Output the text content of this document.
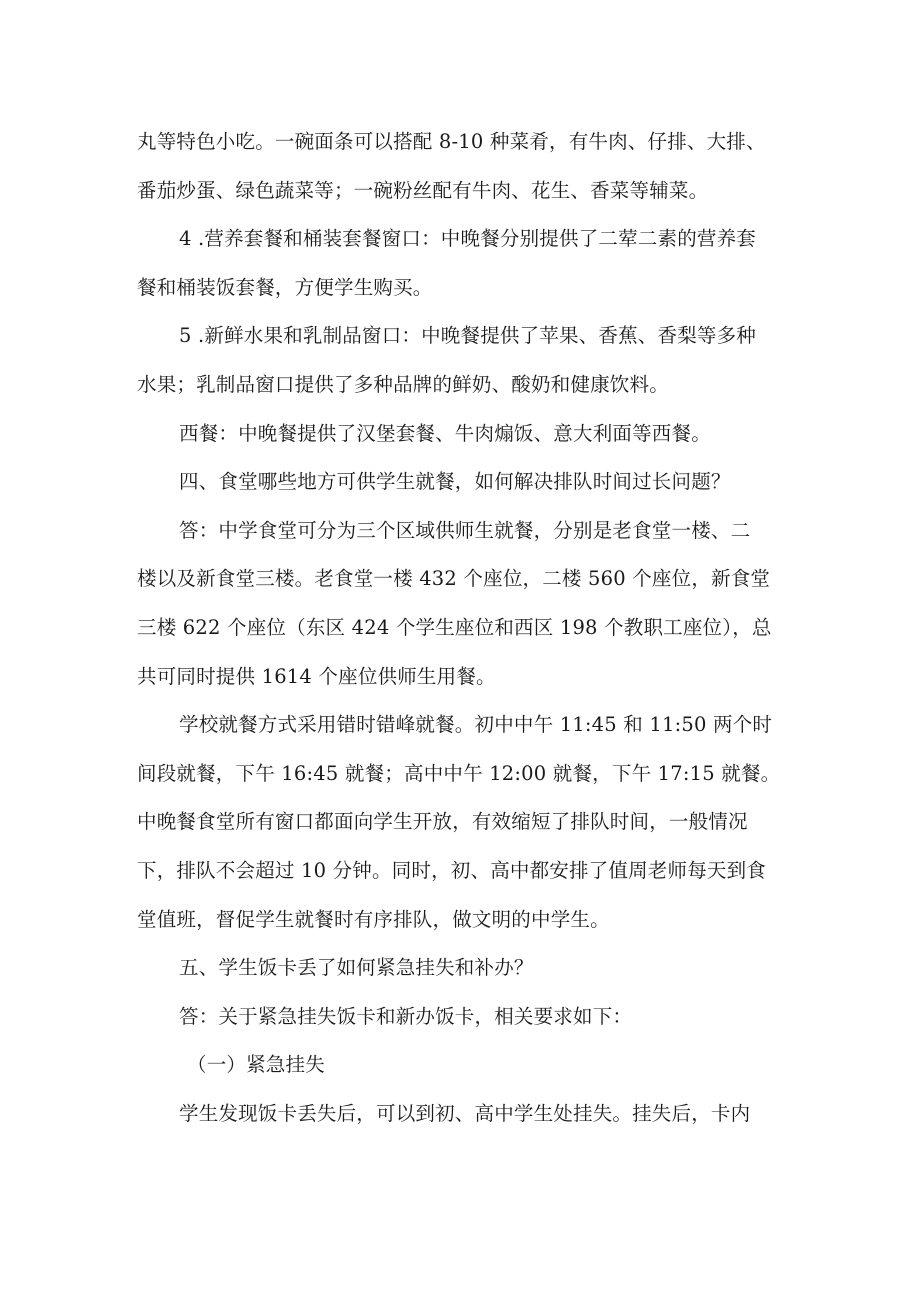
丸等特色小吃。一碗面条可以搭配 8-10 种菜肴，有牛肉、仔排、大排、
番茄炒蛋、绿色蔬菜等；一碗粉丝配有牛肉、花生、香菜等辅菜。
4 .营养套餐和桶装套餐窗口：中晚餐分别提供了二荤二素的营养套
餐和桶装饭套餐，方便学生购买。
5 .新鲜水果和乳制品窗口：中晚餐提供了苹果、香蕉、香梨等多种
水果；乳制品窗口提供了多种品牌的鲜奶、酸奶和健康饮料。
西餐：中晚餐提供了汉堡套餐、牛肉煽饭、意大利面等西餐。
四、食堂哪些地方可供学生就餐，如何解决排队时间过长问题？
答：中学食堂可分为三个区域供师生就餐，分别是老食堂一楼、二
楼以及新食堂三楼。老食堂一楼 432 个座位，二楼 560 个座位，新食堂
三楼 622 个座位（东区 424 个学生座位和西区 198 个教职工座位），总
共可同时提供 1614 个座位供师生用餐。
学校就餐方式采用错时错峰就餐。初中中午 11:45 和 11:50 两个时
间段就餐，下午 16:45 就餐；高中中午 12:00 就餐，下午 17:15 就餐。
中晚餐食堂所有窗口都面向学生开放，有效缩短了排队时间，一般情况
下，排队不会超过 10 分钟。同时，初、高中都安排了值周老师每天到食
堂值班，督促学生就餐时有序排队，做文明的中学生。
五、学生饭卡丢了如何紧急挂失和补办？
答：关于紧急挂失饭卡和新办饭卡，相关要求如下：
（一）紧急挂失
学生发现饭卡丢失后，可以到初、高中学生处挂失。挂失后，卡内
